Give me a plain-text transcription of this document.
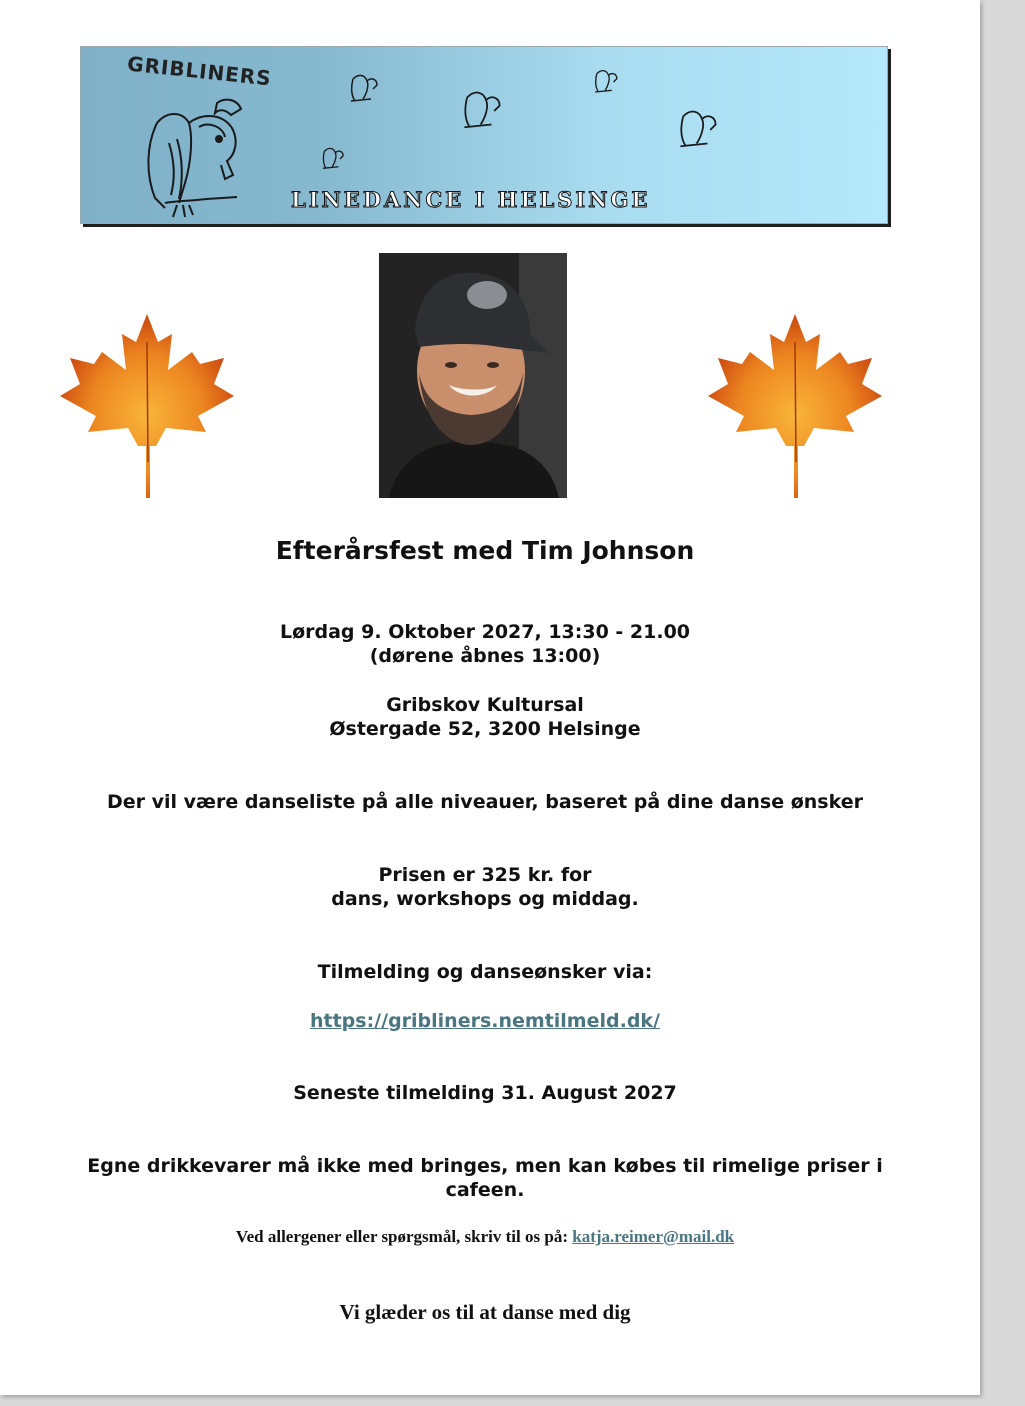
GRIBLINERS
LINEDANCE I HELSINGE
Efterårsfest med Tim Johnson
Lørdag 9. Oktober 2027, 13:30 - 21.00
(dørene åbnes 13:00)
Gribskov Kultursal
Østergade 52, 3200 Helsinge
Der vil være danseliste på alle niveauer, baseret på dine danse ønsker
Prisen er 325 kr. for
dans, workshops og middag.
Tilmelding og danseønsker via:
https://gribliners.nemtilmeld.dk/
Seneste tilmelding 31. August 2027
Egne drikkevarer må ikke med bringes, men kan købes til rimelige priser i
cafeen.
Ved allergener eller spørgsmål, skriv til os på: katja.reimer@mail.dk
Vi glæder os til at danse med dig
